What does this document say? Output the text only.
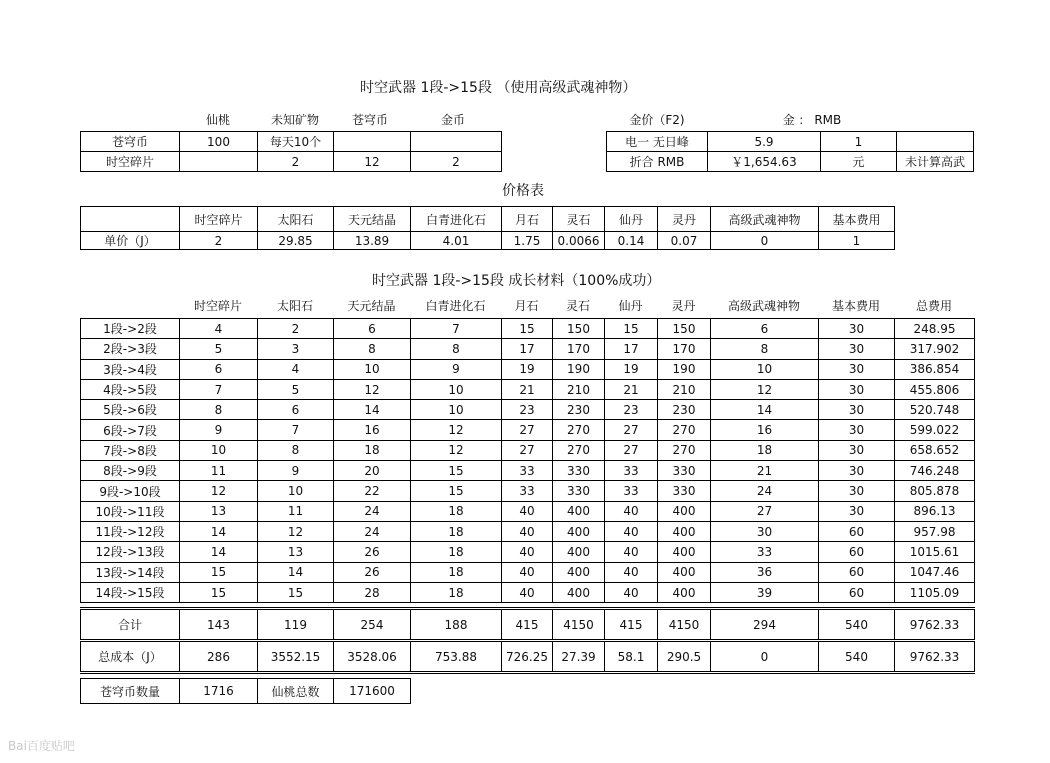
时空武器 1段->15段 （使用高级武魂神物）
仙桃	未知矿物	苍穹币	金币
苍穹币	100	每天10个		
时空碎片		2	12	2
金价（F2)	金 ： RMB
电一 无日峰	5.9	1	
折合 RMB	￥1,654.63	元	未计算高武
价格表
	时空碎片	太阳石	天元结晶	白青进化石	月石	灵石	仙丹	灵丹	高级武魂神物	基本费用
单价（J）	2	29.85	13.89	4.01	1.75	0.0066	0.14	0.07	0	1
时空武器 1段->15段 成长材料（100%成功）
	时空碎片	太阳石	天元结晶	白青进化石	月石	灵石	仙丹	灵丹	高级武魂神物	基本费用	总费用
1段->2段	4	2	6	7	15	150	15	150	6	30	248.95
2段->3段	5	3	8	8	17	170	17	170	8	30	317.902
3段->4段	6	4	10	9	19	190	19	190	10	30	386.854
4段->5段	7	5	12	10	21	210	21	210	12	30	455.806
5段->6段	8	6	14	10	23	230	23	230	14	30	520.748
6段->7段	9	7	16	12	27	270	27	270	16	30	599.022
7段->8段	10	8	18	12	27	270	27	270	18	30	658.652
8段->9段	11	9	20	15	33	330	33	330	21	30	746.248
9段->10段	12	10	22	15	33	330	33	330	24	30	805.878
10段->11段	13	11	24	18	40	400	40	400	27	30	896.13
11段->12段	14	12	24	18	40	400	40	400	30	60	957.98
12段->13段	14	13	26	18	40	400	40	400	33	60	1015.61
13段->14段	15	14	26	18	40	400	40	400	36	60	1047.46
14段->15段	15	15	28	18	40	400	40	400	39	60	1105.09
合计	143	119	254	188	415	4150	415	4150	294	540	9762.33
总成本（J）	286	3552.15	3528.06	753.88	726.25	27.39	58.1	290.5	0	540	9762.33
苍穹币数量	1716	仙桃总数	171600
Bai百度贴吧
